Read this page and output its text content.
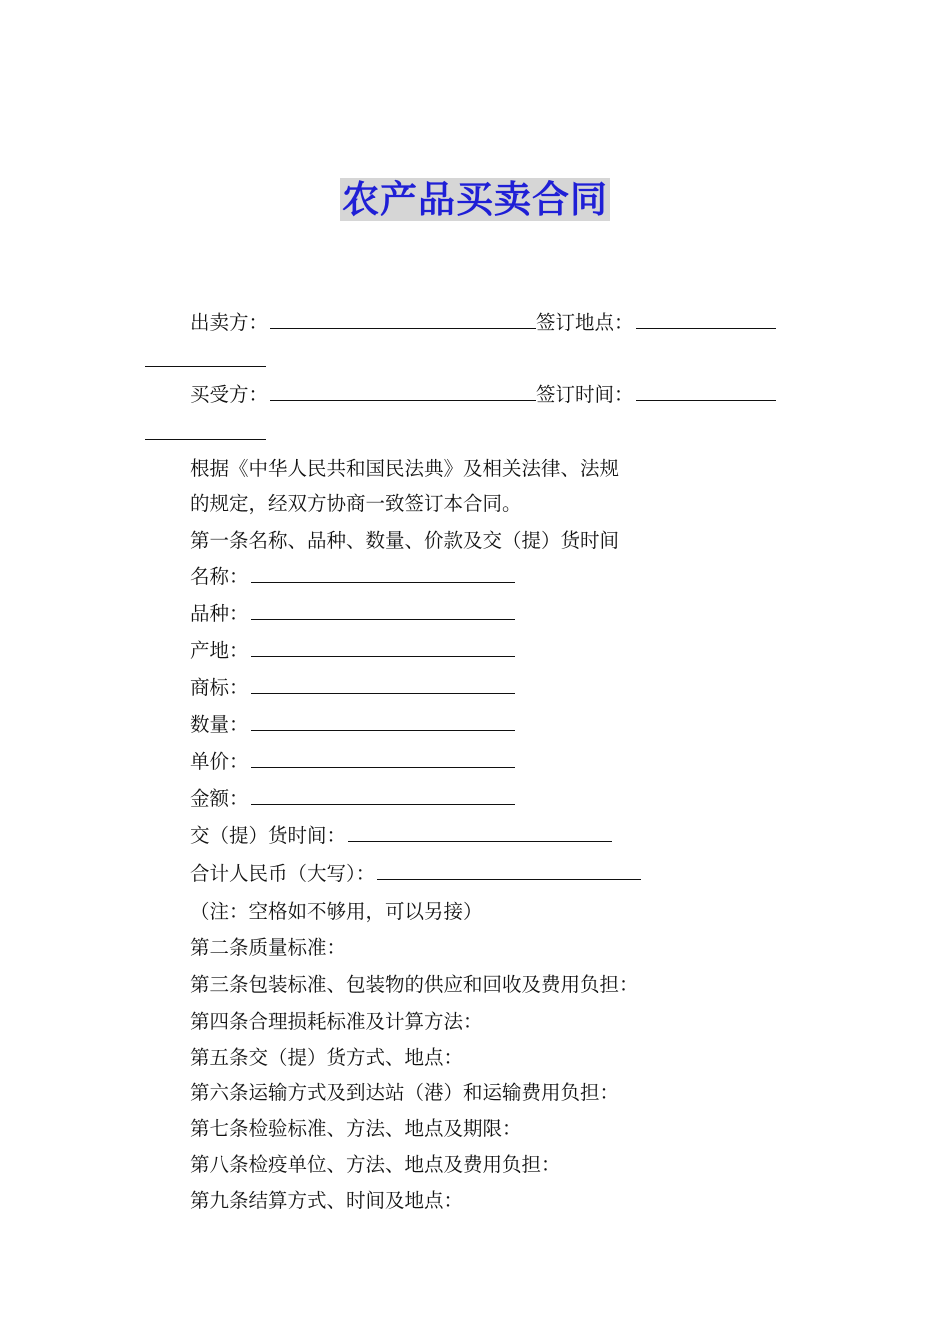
农产品买卖合同
出卖方：	签订地点：
买受方：	签订时间：
根据《中华人民共和国民法典》及相关法律、法规
的规定，经双方协商一致签订本合同。
第一条名称、品种、数量、价款及交（提）货时间
名称：
品种：
产地：
商标：
数量：
单价：
金额：
交（提）货时间：
合计人民币（大写）：
（注：空格如不够用，可以另接）
第二条质量标准：
第三条包装标准、包装物的供应和回收及费用负担：
第四条合理损耗标准及计算方法：
第五条交（提）货方式、地点：
第六条运输方式及到达站（港）和运输费用负担：
第七条检验标准、方法、地点及期限：
第八条检疫单位、方法、地点及费用负担：
第九条结算方式、时间及地点：
